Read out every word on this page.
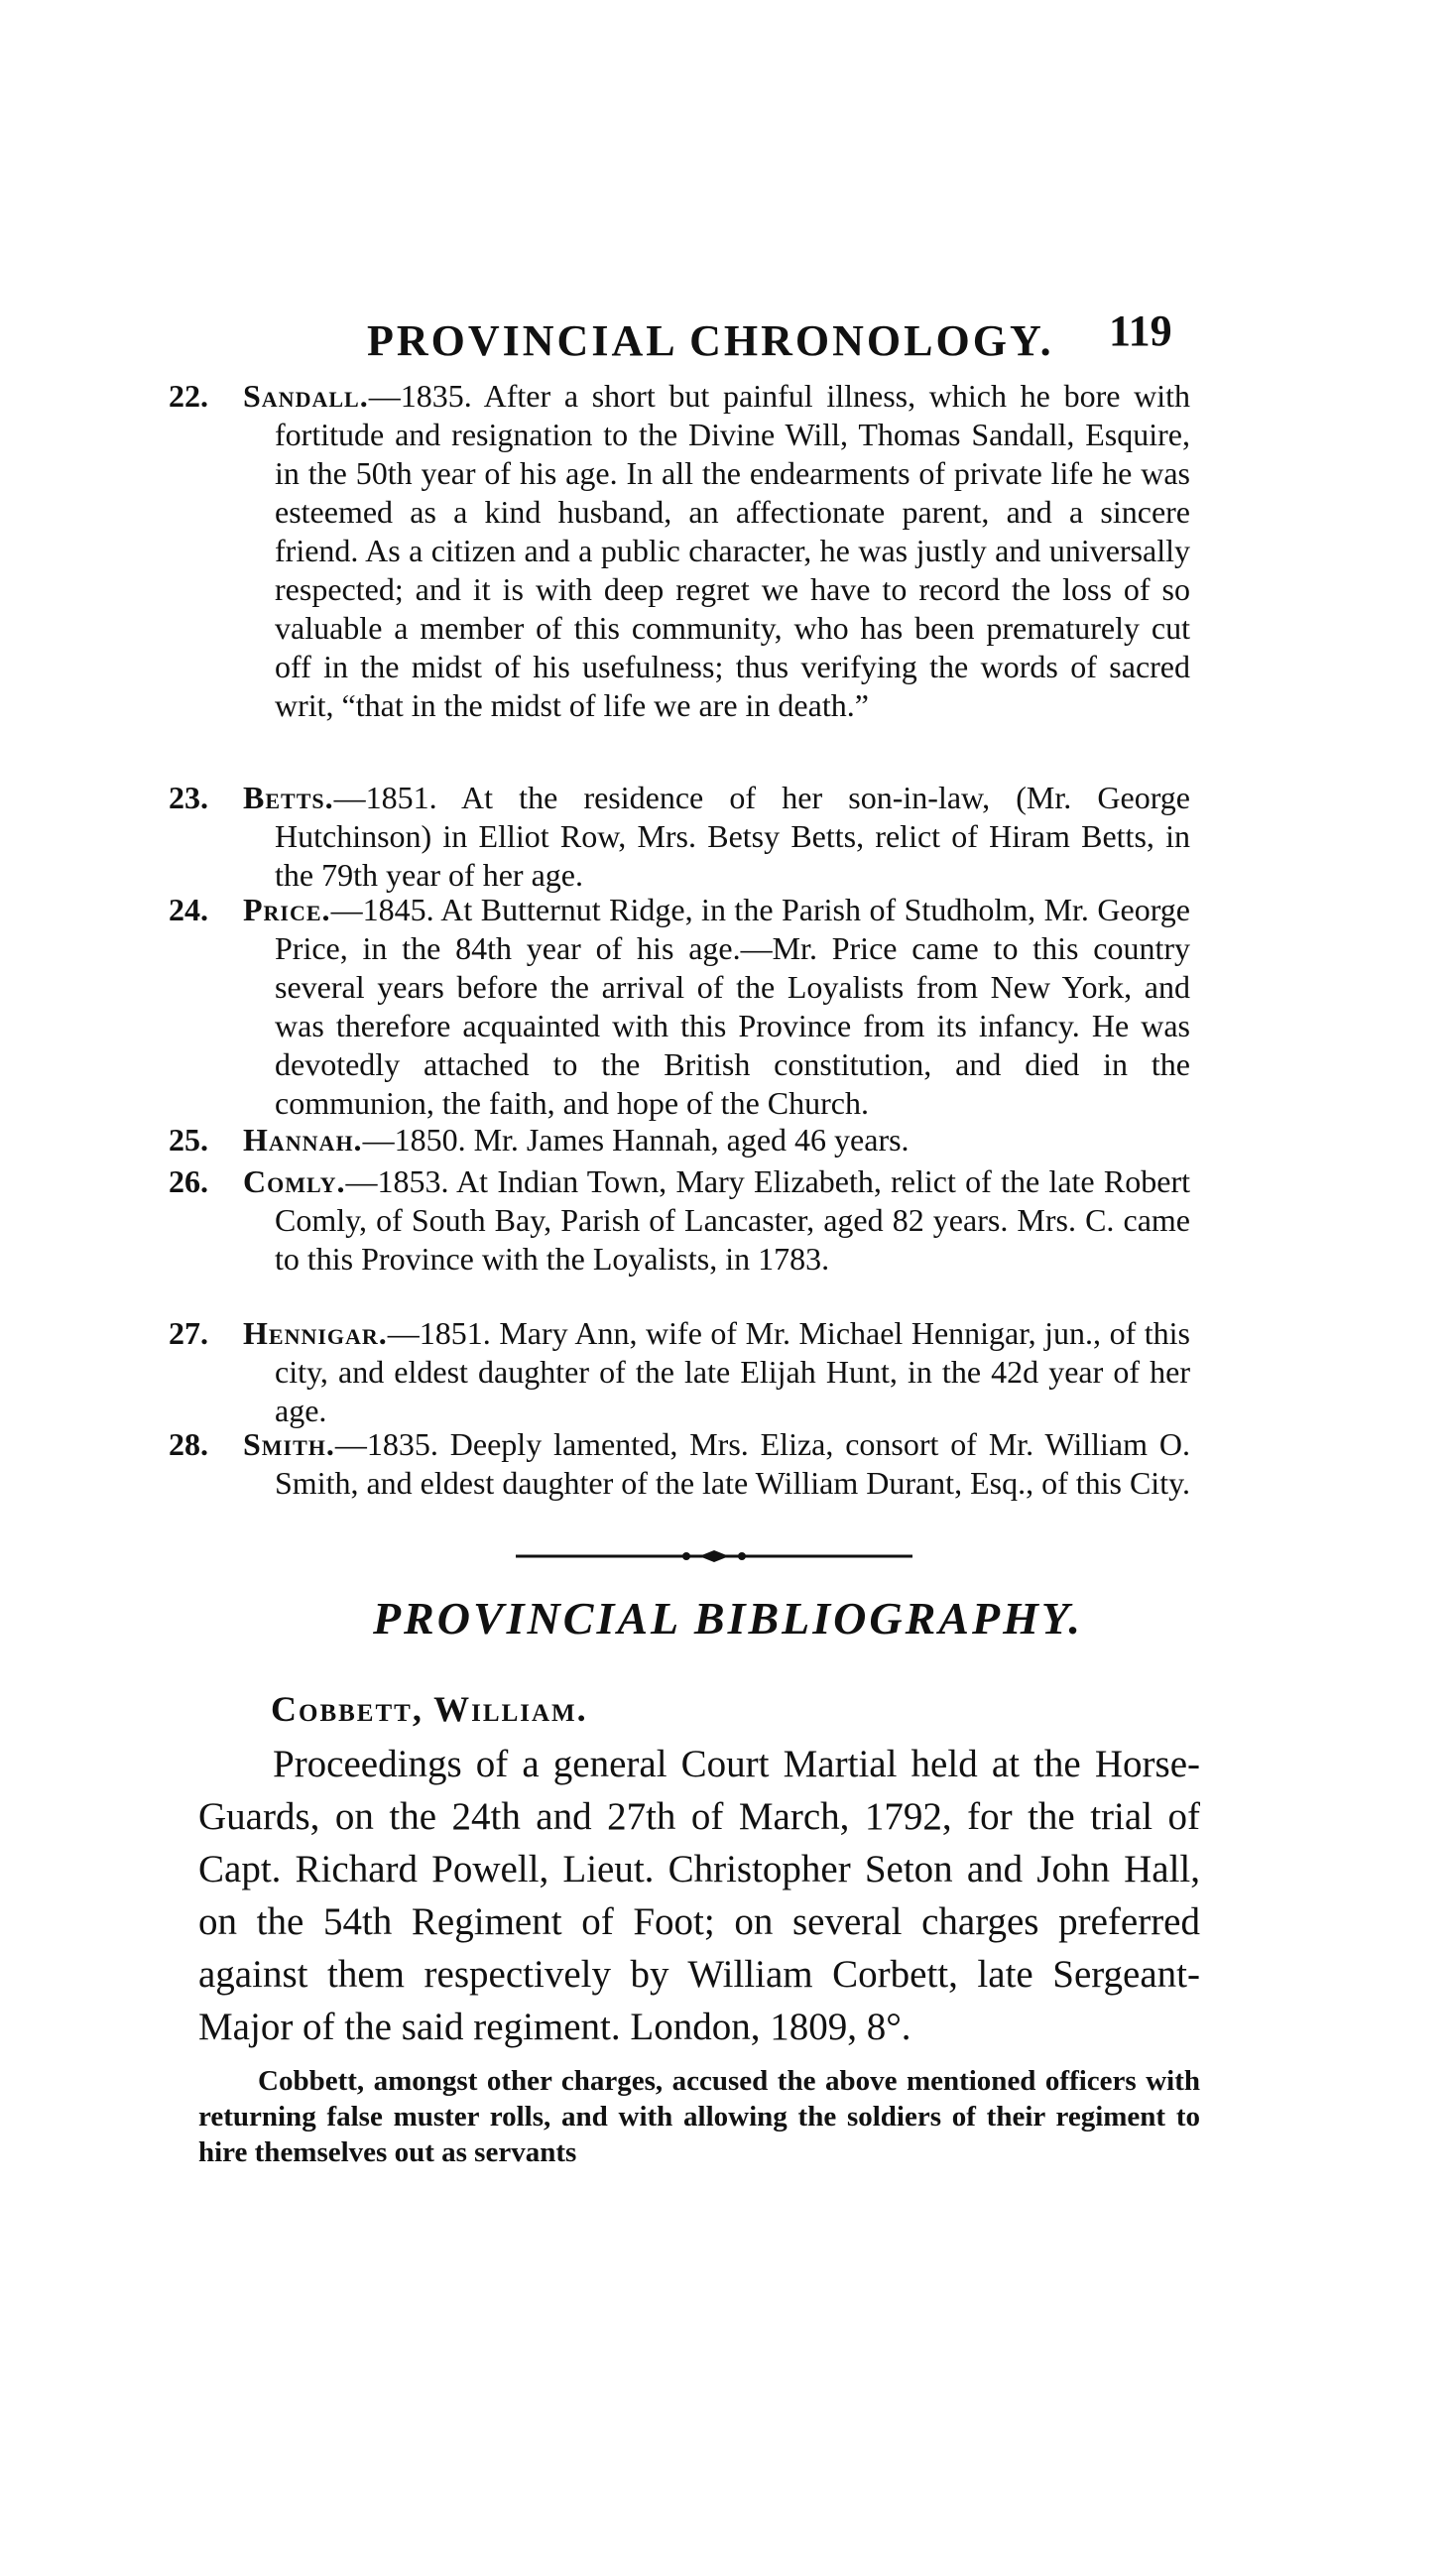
PROVINCIAL CHRONOLOGY. 119
22.	Sandall.—1835. After a short but painful illness, which he bore with fortitude and resignation to the Divine Will, Thomas Sandall, Esquire, in the 50th year of his age. In all the endearments of private life he was esteemed as a kind husband, an affectionate parent, and a sincere friend. As a citizen and a public character, he was justly and universally respected; and it is with deep regret we have to record the loss of so valuable a member of this community, who has been prematurely cut off in the midst of his usefulness; thus verifying the words of sacred writ, “that in the midst of life we are in death.”
23.	Betts.—1851. At the residence of her son-in-law, (Mr. George Hutchinson) in Elliot Row, Mrs. Betsy Betts, relict of Hiram Betts, in the 79th year of her age.
24.	Price.—1845. At Butternut Ridge, in the Parish of Studholm, Mr. George Price, in the 84th year of his age.—Mr. Price came to this country several years before the arrival of the Loyalists from New York, and was therefore acquainted with this Province from its infancy. He was devotedly attached to the British constitution, and died in the communion, the faith, and hope of the Church.
25.	Hannah.—1850. Mr. James Hannah, aged 46 years.
26.	Comly.—1853. At Indian Town, Mary Elizabeth, relict of the late Robert Comly, of South Bay, Parish of Lancaster, aged 82 years. Mrs. C. came to this Province with the Loyalists, in 1783.
27.	Hennigar.—1851. Mary Ann, wife of Mr. Michael Hennigar, jun., of this city, and eldest daughter of the late Elijah Hunt, in the 42d year of her age.
28.	Smith.—1835. Deeply lamented, Mrs. Eliza, consort of Mr. William O. Smith, and eldest daughter of the late William Durant, Esq., of this City.
PROVINCIAL BIBLIOGRAPHY.
Cobbett, William.
Proceedings of a general Court Martial held at the Horse-Guards, on the 24th and 27th of March, 1792, for the trial of Capt. Richard Powell, Lieut. Christopher Seton and John Hall, on the 54th Regiment of Foot; on several charges preferred against them respectively by William Corbett, late Sergeant-Major of the said regiment. London, 1809, 8°.
Cobbett, amongst other charges, accused the above mentioned officers with returning false muster rolls, and with allowing the soldiers of their regiment to hire themselves out as servants
